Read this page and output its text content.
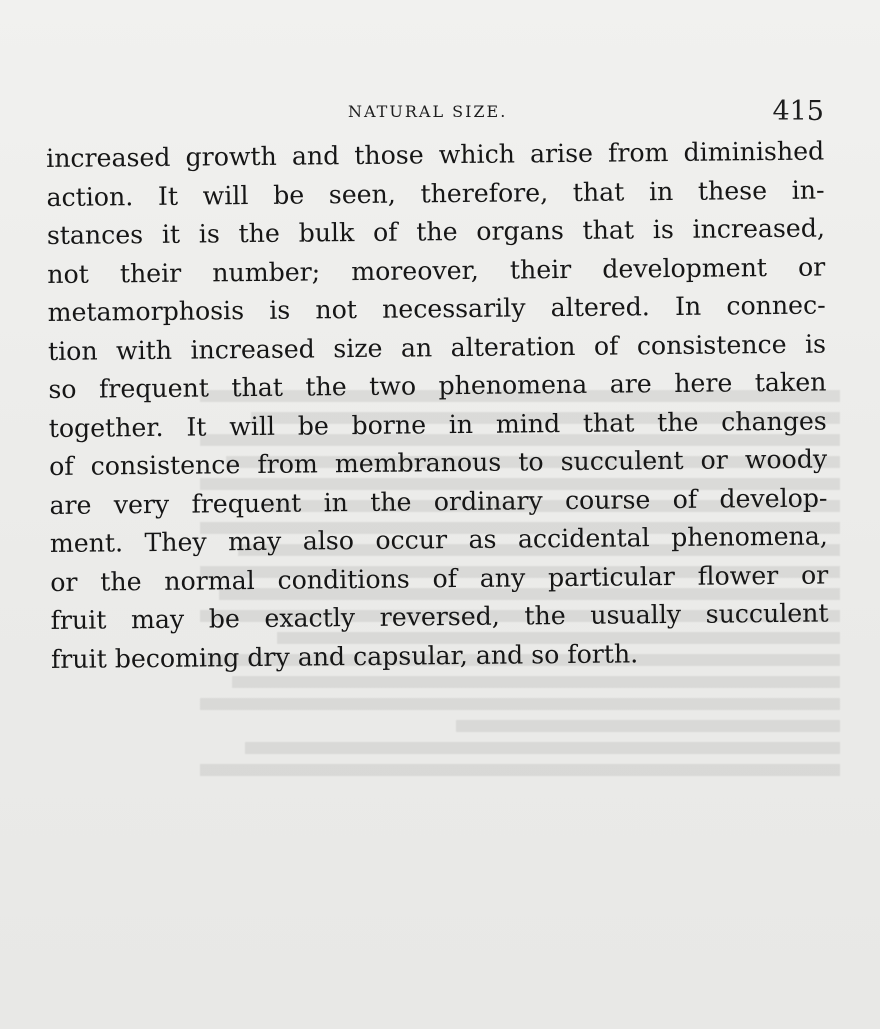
NATURAL SIZE.	415
increased growth and those which arise from diminished
action. It will be seen, therefore, that in these in-
stances it is the bulk of the organs that is increased,
not their number; moreover, their development or
metamorphosis is not necessarily altered. In connec-
tion with increased size an alteration of consistence is
so frequent that the two phenomena are here taken
together. It will be borne in mind that the changes
of consistence from membranous to succulent or woody
are very frequent in the ordinary course of develop-
ment. They may also occur as accidental phenomena,
or the normal conditions of any particular flower or
fruit may be exactly reversed, the usually succulent
fruit becoming dry and capsular, and so forth.
